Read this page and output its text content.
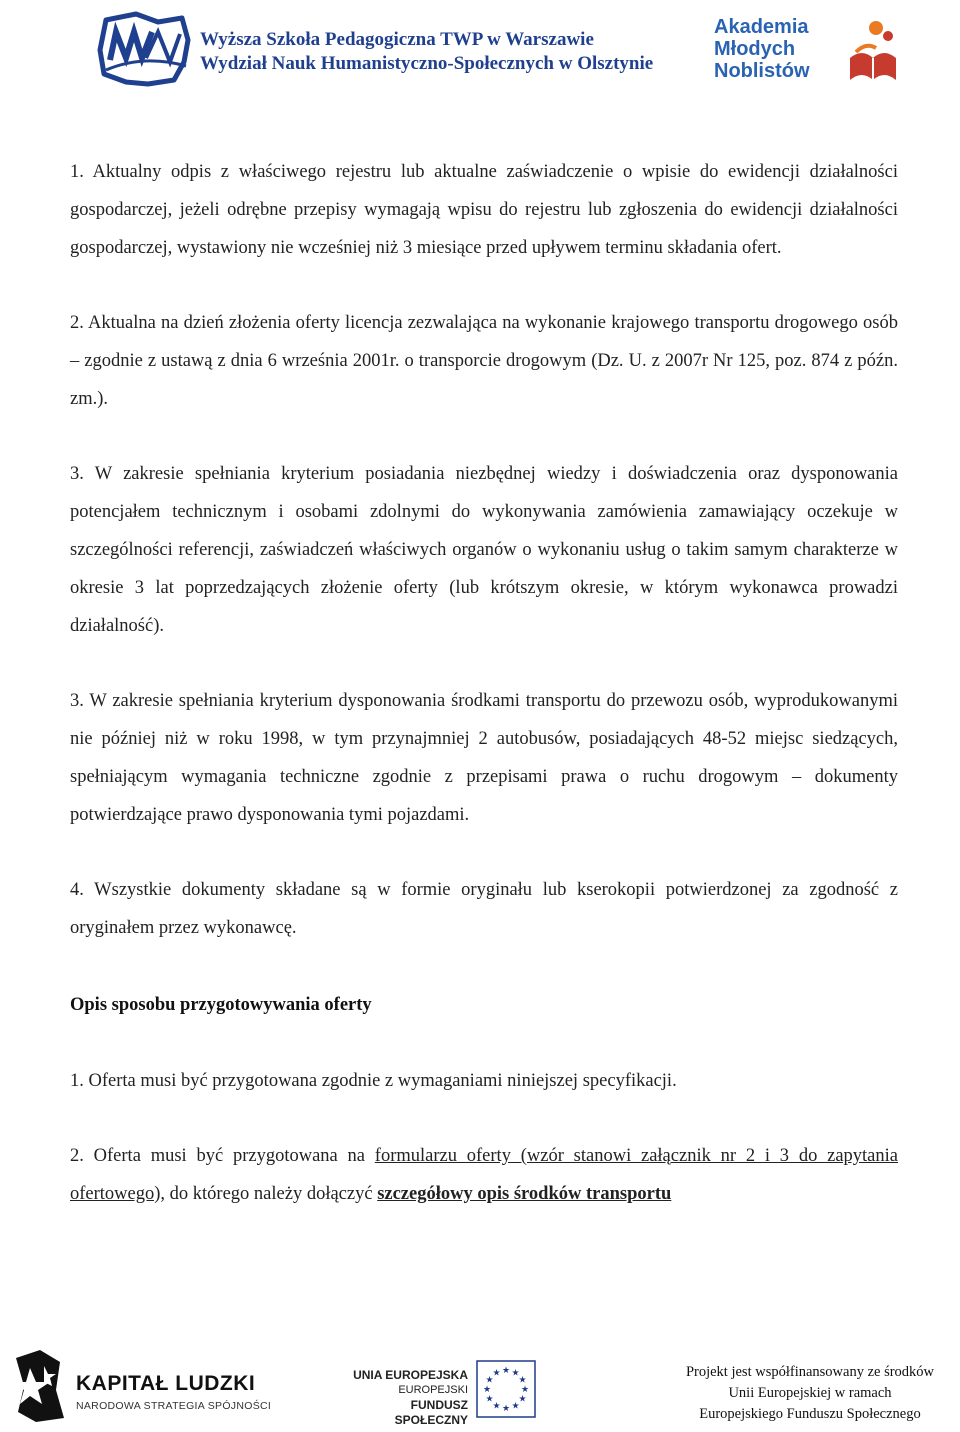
Wyższa Szkoła Pedagogiczna TWP w Warszawie
Wydział Nauk Humanistyczno-Społecznych w Olsztynie
Akademia
Młodych
Noblistów

1. Aktualny odpis z właściwego rejestru lub aktualne zaświadczenie o wpisie do ewidencji działalności gospodarczej, jeżeli odrębne przepisy wymagają wpisu do rejestru lub zgłoszenia do ewidencji działalności gospodarczej, wystawiony nie wcześniej niż 3 miesiące przed upływem terminu składania ofert.

2. Aktualna na dzień złożenia oferty licencja zezwalająca na wykonanie krajowego transportu drogowego osób – zgodnie z ustawą z dnia 6 września 2001r. o transporcie drogowym (Dz. U. z 2007r Nr 125, poz. 874 z późn. zm.).

3. W zakresie spełniania kryterium posiadania niezbędnej wiedzy i doświadczenia oraz dysponowania potencjałem technicznym i osobami zdolnymi do wykonywania zamówienia zamawiający oczekuje w szczególności referencji, zaświadczeń właściwych organów o wykonaniu usług o takim samym charakterze w okresie 3 lat poprzedzających złożenie oferty (lub krótszym okresie, w którym wykonawca prowadzi działalność).

3. W zakresie spełniania kryterium dysponowania środkami transportu do przewozu osób, wyprodukowanymi nie później niż w roku 1998, w tym przynajmniej 2 autobusów, posiadających 48-52 miejsc siedzących, spełniającym wymagania techniczne zgodnie z przepisami prawa o ruchu drogowym – dokumenty potwierdzające prawo dysponowania tymi pojazdami.

4. Wszystkie dokumenty składane są w formie oryginału lub kserokopii potwierdzonej za zgodność z oryginałem przez wykonawcę.

Opis sposobu przygotowywania oferty

1. Oferta musi być przygotowana zgodnie z wymaganiami niniejszej specyfikacji.

2. Oferta musi być przygotowana na formularzu oferty (wzór stanowi załącznik nr 2 i 3 do zapytania ofertowego), do którego należy dołączyć szczegółowy opis środków transportu

KAPITAŁ LUDZKI
NARODOWA STRATEGIA SPÓJNOŚCI
UNIA EUROPEJSKA
EUROPEJSKI
FUNDUSZ SPOŁECZNY
★ ★
★
★
★
★
★
★
★
★
★
★	Projekt jest współfinansowany ze środków
Unii Europejskiej w ramach
Europejskiego Funduszu Społecznego
